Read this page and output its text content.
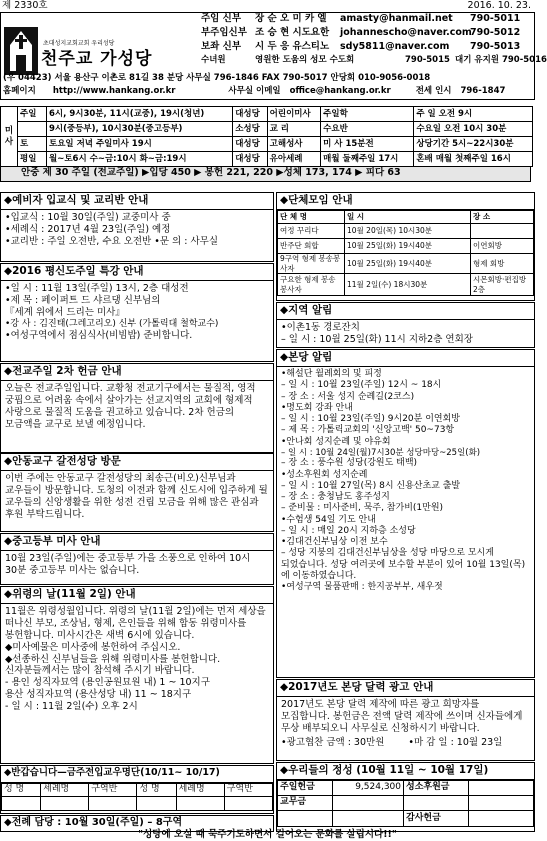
제 2330호	2016. 10. 23.
초대성지교회교회 우리성당
천주교 가성당
주임 신부 장 순 오 미 카 엘 amasty@hanmail.net 790-5011
부주임신부 조 승 현 시도요한 johannescho@naver.com790-5012
보좌 신부 시 두 응 유스티노 sdy5811@naver.com 790-5013
수녀원	영원한 도움의 성모 수도회	790-5015 대기 유지원 790-5016
(우 04423) 서울 용산구 이촌로 81길 38 분당 사무실 796-1846 FAX 790-5017 안당회 010-9056-0018
홈페이지 http://www.hankang.or.kr	사무실 이메일 office@hankang.or.kr	전세 인시 796-1847
미사	주일	6시, 9시30분, 11시(교중), 19시(청년)	대성당	어린이미사	주일학	주 일 오전 9시
		9시(중등부), 10시30분(중고등부)	소성당	교 리	수요반	수요일 오전 10시 30분
	토	토요일 저녁 주일미사 19시	대성당	고해성사	미 사 15분전	상당기간 5시~22시30분
	평일	월~토6시 수~금:10시 화~금:19시	대성당	유아세례	매월 둘째주일 17시	혼배 매월 첫째주일 16시
안중 제 30 주일 (전교주일) ▶입당 450 ▶ 봉헌 221, 220 ▶성체 173, 174 ▶ 피다 63
◆예비자 입교식 및 교리반 안내
•입교식 : 10월 30일(주일) 교중미사 중
•세례식 : 2017년 4월 23일(주일) 예정
•교리반 : 주일 오전반, 수요 오전반 •문 의 : 사무실
◆2016 평신도주일 특강 안내
•일 시 : 11월 13일(주일) 13시, 2층 대성전
•제 목 : 페이퍼트 드 샤르댕 신부님의
『세계 위에서 드리는 미사』
•강 사 : 김진태(그레고리오) 신부 (가톨릭대 철학교수)
•여성구역에서 점심식사(비빔밥) 준비합니다.
◆전교주일 2차 헌금 안내
오늘은 전교주일입니다. 교황청 전교기구에서는 물질적, 영적 궁핍으로 어려움 속에서 살아가는 선교지역의 교회에 형제적 사랑으로 물질적 도움을 권고하고 있습니다. 2차 헌금의 모금액을 교구로 보낼 예정입니다.
◆안동교구 갈전성당 방문
이번 주에는 안동교구 갈전성당의 최송근(비오)신부님과 교우들이 방문합니다. 도청의 이전과 함께 신도시에 입주하게 될 교우들의 신앙생활을 위한 성전 건립 모금을 위해 많은 관심과 후원 부탁드립니다.
◆중고등부 미사 안내
10월 23일(주일)에는 중고등부 가을 소풍으로 인하여 10시 30분 중고등부 미사는 없습니다.
◆위령의 날(11월 2일) 안내
11월은 위령성월입니다. 위령의 날(11월 2일)에는 먼저 세상을 떠나신 부모, 조상님, 형제, 은인들을 위해 합동 위령미사를 봉헌합니다. 미사시간은 새벽 6시에 있습니다.
◆미사예물은 미사중에 봉헌하여 주십시오.
◆선종하신 신부님들을 위해 위령미사를 봉헌합니다.
신자분들께서는 많이 참석해 주시기 바랍니다.
- 용인 성직자묘역 (용인공원묘원 내) 1 ~ 10지구
용산 성직자묘역 (용산성당 내) 11 ~ 18지구
- 일 시 : 11월 2일(수) 오후 2시
◆반갑습니다—금주전입교우명단(10/11~ 10/17)
성 명	세례명	구역반	성 명	세례명	구역반

◆전례 담당 : 10월 30일(주일) – 8구역
◆단체모임 안내
단 체 명	일 시	장 소
여정 꾸리다	10월 20일(목) 10시30분	
반주단 회합	10월 25일(화) 19시40분	이연회방
9구역 형제 봉송봉사자	10월 25일(화) 19시40분	형제 회방
구요한 형제 봉송봉사자	11월 2일(수) 18시30분	시몬회방·편집방 2층
◆지역 알림
•이촌1동 경로잔치
– 일 시 : 10월 25일(화) 11시 지하2층 연회장
◆본당 알림
•해설단 월례회의 및 피정
– 일 시 : 10월 23일(주일) 12시 ~ 18시
– 장 소 : 서울 성지 순례길(2코스)
•명도회 강좌 안내
– 일 시 : 10월 23일(주일) 9시20분 이연회방
– 제 목 : 가톨릭교회의 '신앙고백' 50~73항
•안나회 성지순례 및 야유회
– 일 시 : 10월 24일(월)7시30분 성당마당~25일(화)
– 장 소 : 풍수원 성당(강원도 태백)
•성소후원회 성지순례
– 일 시 : 10월 27일(목) 8시 신용산초교 출발
– 장 소 : 충청남도 홍주성지
– 준비물 : 미사준비, 묵주, 참가비(1만원)
•수험생 54일 기도 안내
– 일 시 : 매일 20시 지하층 소성당
•김대건신부님상 이전 보수
– 성당 지붕의 김대건신부님상을 성당 마당으로 모시게 되었습니다. 성당 여러곳에 보수할 부분이 있어 10월 13일(목)에 이동하였습니다.
•여성구역 물품판매 : 한지공부부, 새우젓
◆2017년도 본당 달력 광고 안내
2017년도 본당 달력 제작에 따른 광고 희망자를 모집합니다. 봉헌금은 전액 달력 제작에 쓰이며 신자들에게 무상 배부되오니 사무실로 신청하시기 바랍니다.
•광고협찬 금액 : 30만원	•마 감 일 : 10월 23일
◆우리들의 정성 (10월 11일 ~ 10월 17일)
주일헌금	9,524,300	성소후원금	
교무금			
		감사헌금	
"성당에 오실 때 묵주기도하면서 걸어오는 문화를 살립시다!!"
